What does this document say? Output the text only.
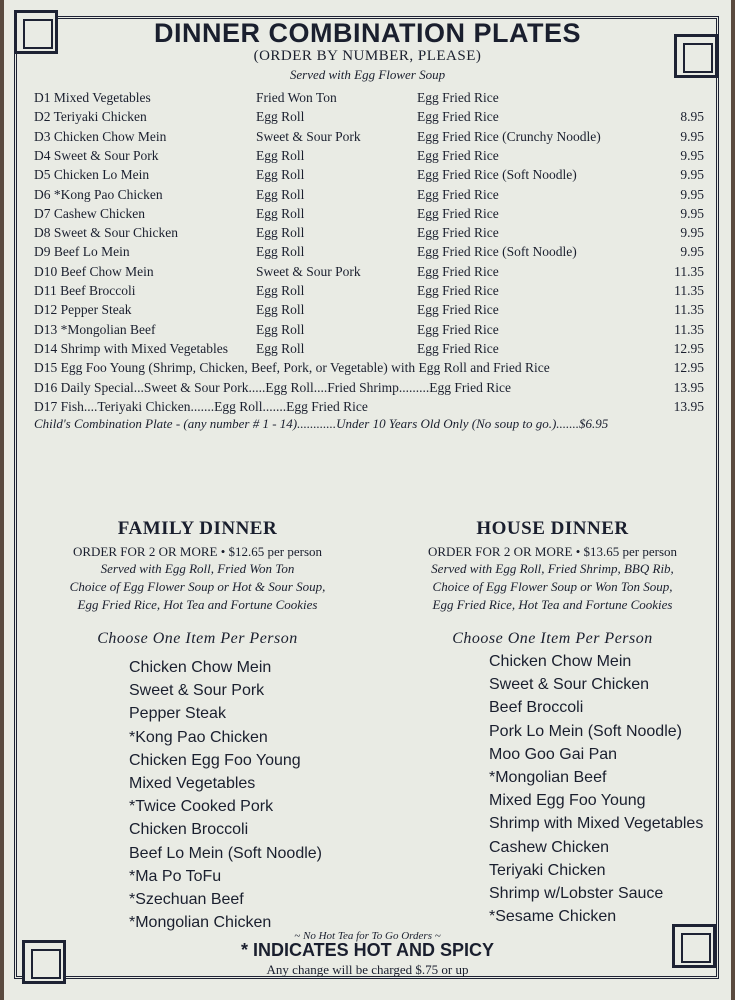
DINNER COMBINATION PLATES
(ORDER BY NUMBER, PLEASE)
Served with Egg Flower Soup
D1 Mixed Vegetables	Fried Won Ton	Egg Fried Rice
D2 Teriyaki Chicken	Egg Roll	Egg Fried Rice	8.95
D3 Chicken Chow Mein	Sweet & Sour Pork	Egg Fried Rice (Crunchy Noodle)	9.95
D4 Sweet & Sour Pork	Egg Roll	Egg Fried Rice	9.95
D5 Chicken Lo Mein	Egg Roll	Egg Fried Rice (Soft Noodle)	9.95
D6 *Kong Pao Chicken	Egg Roll	Egg Fried Rice	9.95
D7 Cashew Chicken	Egg Roll	Egg Fried Rice	9.95
D8 Sweet & Sour Chicken	Egg Roll	Egg Fried Rice	9.95
D9 Beef Lo Mein	Egg Roll	Egg Fried Rice (Soft Noodle)	9.95
D10 Beef Chow Mein	Sweet & Sour Pork	Egg Fried Rice	11.35
D11 Beef Broccoli	Egg Roll	Egg Fried Rice	11.35
D12 Pepper Steak	Egg Roll	Egg Fried Rice	11.35
D13 *Mongolian Beef	Egg Roll	Egg Fried Rice	11.35
D14 Shrimp with Mixed Vegetables Egg Roll	Egg Fried Rice	12.95
D15 Egg Foo Young (Shrimp, Chicken, Beef, Pork, or Vegetable) with Egg Roll and Fried Rice	12.95
D16 Daily Special...Sweet & Sour Pork.....Egg Roll....Fried Shrimp.........Egg Fried Rice	13.95
D17 Fish....Teriyaki Chicken.......Egg Roll.......Egg Fried Rice	13.95
Child's Combination Plate - (any number # 1 - 14)............Under 10 Years Old Only (No soup to go.).......$6.95
FAMILY DINNER
ORDER FOR 2 OR MORE • $12.65 per person
Served with Egg Roll, Fried Won Ton
Choice of Egg Flower Soup or Hot & Sour Soup,
Egg Fried Rice, Hot Tea and Fortune Cookies
Choose One Item Per Person
Chicken Chow Mein
Sweet & Sour Pork
Pepper Steak
*Kong Pao Chicken
Chicken Egg Foo Young
Mixed Vegetables
*Twice Cooked Pork
Chicken Broccoli
Beef Lo Mein (Soft Noodle)
*Ma Po ToFu
*Szechuan Beef
*Mongolian Chicken
HOUSE DINNER
ORDER FOR 2 OR MORE • $13.65 per person
Served with Egg Roll, Fried Shrimp, BBQ Rib,
Choice of Egg Flower Soup or Won Ton Soup,
Egg Fried Rice, Hot Tea and Fortune Cookies
Choose One Item Per Person
Chicken Chow Mein
Sweet & Sour Chicken
Beef Broccoli
Pork Lo Mein (Soft Noodle)
Moo Goo Gai Pan
*Mongolian Beef
Mixed Egg Foo Young
Shrimp with Mixed Vegetables
Cashew Chicken
Teriyaki Chicken
Shrimp w/Lobster Sauce
*Sesame Chicken
~ No Hot Tea for To Go Orders ~
* INDICATES HOT AND SPICY
Any change will be charged $.75 or up
